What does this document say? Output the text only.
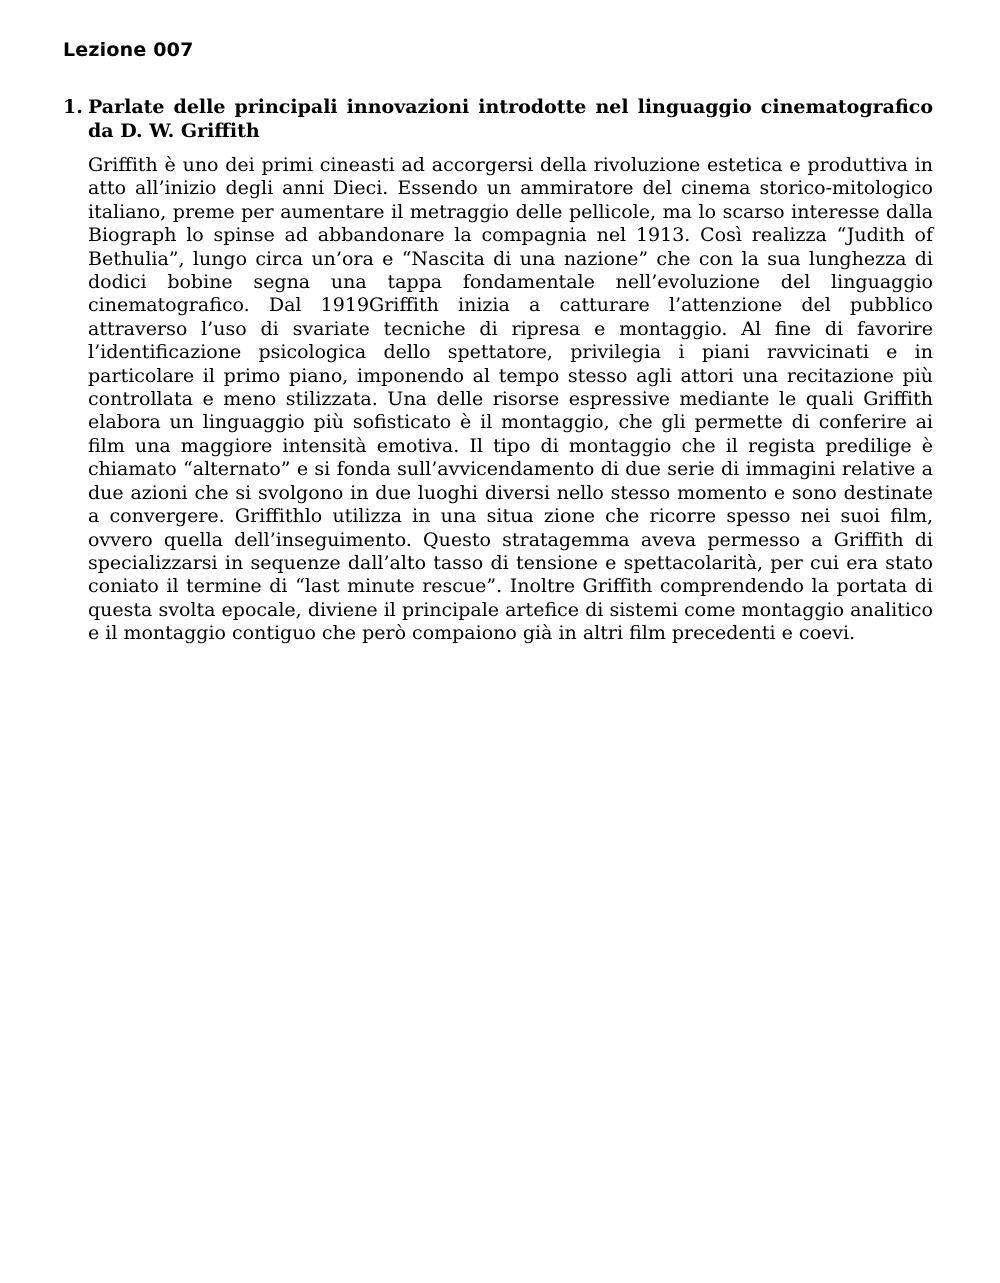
Lezione 007
1. Parlate delle principali innovazioni introdotte nel linguaggio cinematografico da D. W. Griffith

Griffith è uno dei primi cineasti ad accorgersi della rivoluzione estetica e produttiva in atto all’inizio degli anni Dieci. Essendo un ammiratore del cinema storico-mitologico italiano, preme per aumentare il metraggio delle pellicole, ma lo scarso interesse dalla Biograph lo spinse ad abbandonare la compagnia nel 1913. Così realizza “Judith of Bethulia”, lungo circa un’ora e “Nascita di una nazione” che con la sua lunghezza di dodici bobine segna una tappa fondamentale nell’evoluzione del linguaggio cinematografico. Dal 1919Griffith inizia a catturare l’attenzione del pubblico attraverso l’uso di svariate tecniche di ripresa e montaggio. Al fine di favorire l’identificazione psicologica dello spettatore, privilegia i piani ravvicinati e in particolare il primo piano, imponendo al tempo stesso agli attori una recitazione più controllata e meno stilizzata. Una delle risorse espressive mediante le quali Griffith elabora un linguaggio più sofisticato è il montaggio, che gli permette di conferire ai film una maggiore intensità emotiva. Il tipo di montaggio che il regista predilige è chiamato “alternato” e si fonda sull’avvicendamento di due serie di immagini relative a due azioni che si svolgono in due luoghi diversi nello stesso momento e sono destinate a convergere. Griffithlo utilizza in una situa zione che ricorre spesso nei suoi film, ovvero quella dell’inseguimento. Questo stratagemma aveva permesso a Griffith di specializzarsi in sequenze dall’alto tasso di tensione e spettacolarità, per cui era stato coniato il termine di “last minute rescue”. Inoltre Griffith comprendendo la portata di questa svolta epocale, diviene il principale artefice di sistemi come montaggio analitico e il montaggio contiguo che però compaiono già in altri film precedenti e coevi.
